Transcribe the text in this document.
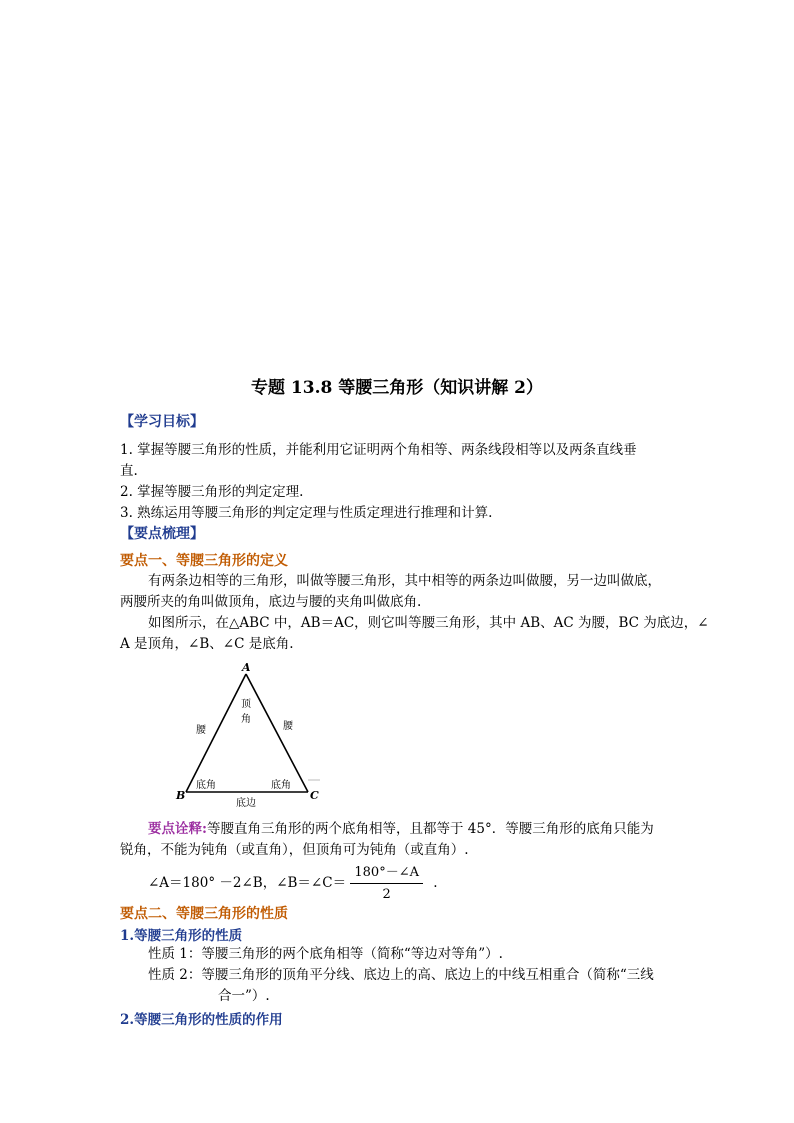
专题 13.8 等腰三角形（知识讲解 2）
【学习目标】
1. 掌握等腰三角形的性质，并能利用它证明两个角相等、两条线段相等以及两条直线垂
直.
2. 掌握等腰三角形的判定定理.
3. 熟练运用等腰三角形的判定定理与性质定理进行推理和计算.
【要点梳理】
要点一、等腰三角形的定义
有两条边相等的三角形，叫做等腰三角形，其中相等的两条边叫做腰，另一边叫做底，
两腰所夹的角叫做顶角，底边与腰的夹角叫做底角.
如图所示，在△ABC 中，AB＝AC，则它叫等腰三角形，其中 AB、AC 为腰，BC 为底边，∠
A 是顶角，∠B、∠C 是底角.
A
B	C
腰	腰
顶
角
底角	底角
底边
要点诠释:等腰直角三角形的两个底角相等，且都等于 45°．等腰三角形的底角只能为
锐角，不能为钝角（或直角），但顶角可为钝角（或直角）.
∠A＝180° －2∠B，∠B＝∠C＝ $\frac{180^\circ-\angle A}{2}$ .
要点二、等腰三角形的性质
1.等腰三角形的性质
性质 1：等腰三角形的两个底角相等（简称“等边对等角”）.
性质 2：等腰三角形的顶角平分线、底边上的高、底边上的中线互相重合（简称“三线
合一”）.
2.等腰三角形的性质的作用
